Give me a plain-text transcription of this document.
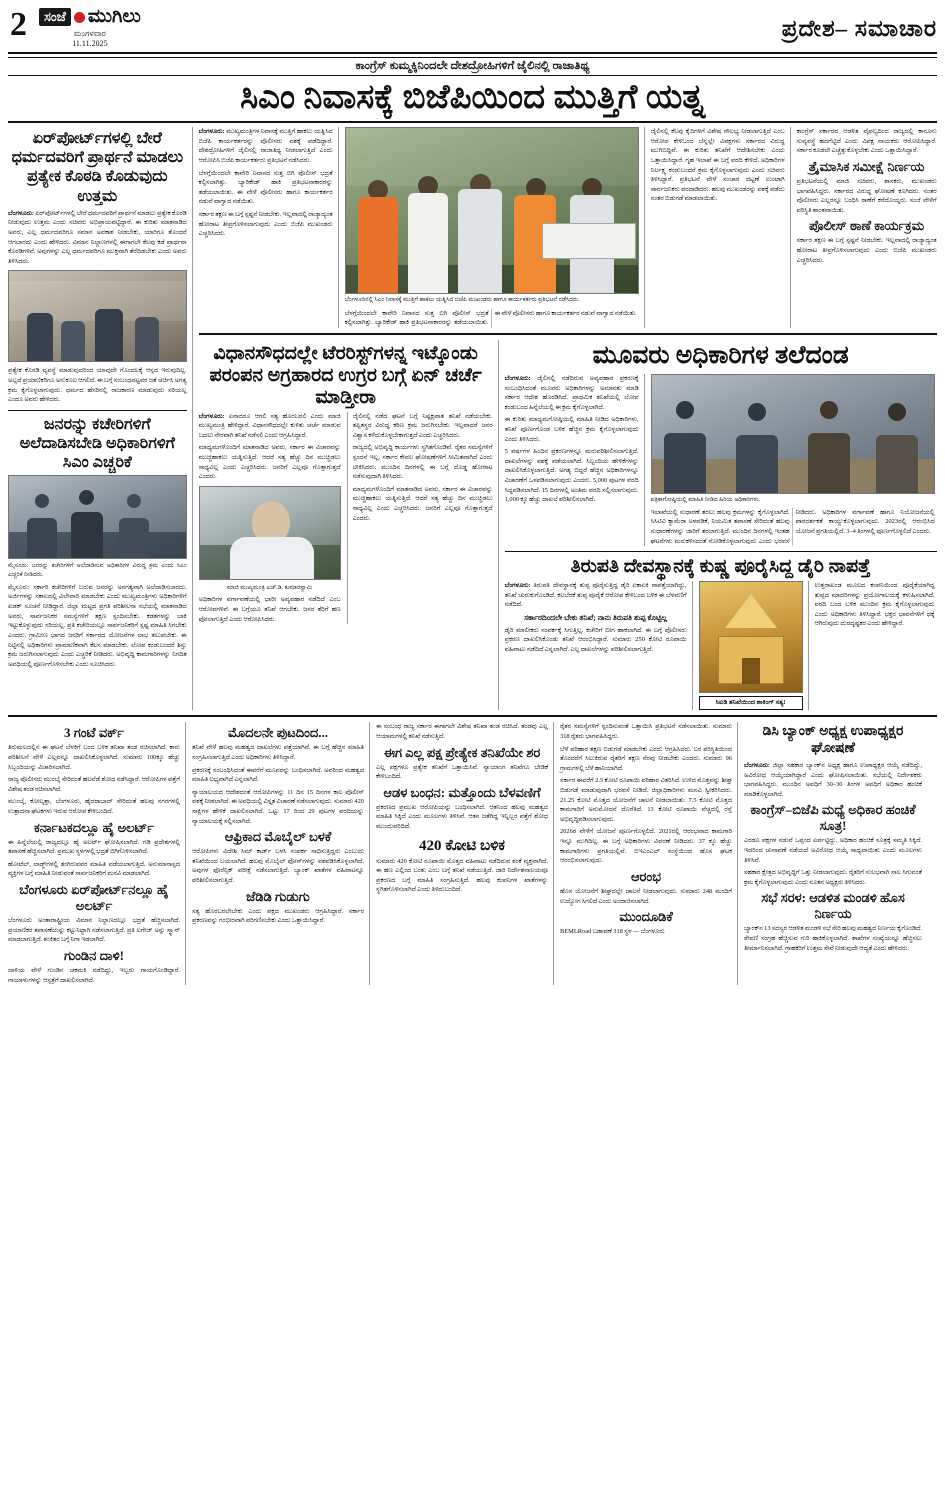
2	ಸಂಜೆ ಮುಗಿಲು
ಮಂಗಳವಾರ
11.11.2025
ಪ್ರದೇಶ– ಸಮಾಚಾರ
ಕಾಂಗ್ರೆಸ್ ಕುಮ್ಮಕ್ಕಿನಿಂದಲೇ ದೇಶದ್ರೋಹಿಗಳಿಗೆ ಜೈಲಿನಲ್ಲಿ ರಾಜಾತಿಥ್ಯ
ಸಿಎಂ ನಿವಾಸಕ್ಕೆ ಬಿಜೆಪಿಯಿಂದ ಮುತ್ತಿಗೆ ಯತ್ನ
ಏರ್‌ಪೋರ್ಟ್‌ಗಳಲ್ಲಿ ಬೇರೆ ಧರ್ಮದವರಿಗೆ ಪ್ರಾರ್ಥನೆ ಮಾಡಲು ಪ್ರತ್ಯೇಕ ಕೊಠಡಿ ಕೊಡುವುದು ಉತ್ತಮ
ಬೆಂಗಳೂರು: ಏರ್‌ಪೋರ್ಟ್‌ಗಳಲ್ಲಿ ಬೇರೆ ಧರ್ಮದವರಿಗೆ ಪ್ರಾರ್ಥನೆ ಮಾಡಲು ಪ್ರತ್ಯೇಕ ಕೊಠಡಿ ನೀಡುವುದು ಉತ್ತಮ ಎಂದು ಸಚಿವರು ಅಭಿಪ್ರಾಯಪಟ್ಟಿದ್ದಾರೆ. ಈ ಕುರಿತು ಮಾತನಾಡಿದ ಅವರು, ಎಲ್ಲ ಧರ್ಮದವರಿಗೂ ಸಮಾನ ಅವಕಾಶ ನೀಡಬೇಕು, ಯಾರಿಗೂ ತೊಂದರೆ ಆಗಬಾರದು ಎಂದು ಹೇಳಿದರು. ವಿಮಾನ ನಿಲ್ದಾಣಗಳಲ್ಲಿ ಈಗಾಗಲೇ ಕೆಲವು ಕಡೆ ಪ್ರಾರ್ಥನಾ ಕೊಠಡಿಗಳಿವೆ. ಅವುಗಳನ್ನು ಎಲ್ಲ ಧರ್ಮದವರಿಗೂ ಮುಕ್ತವಾಗಿ ತೆರೆದಿಡಬೇಕು ಎಂದು ಅವರು ತಿಳಿಸಿದರು.
ಪ್ರತ್ಯೇಕ ಕೊಠಡಿ ವ್ಯವಸ್ಥೆ ಮಾಡುವುದರಿಂದ ಯಾವುದೇ ಗೊಂದಲಕ್ಕೆ ಆಸ್ಪದ ಇರುವುದಿಲ್ಲ. ಅಲ್ಲದೆ ಪ್ರಯಾಣಿಕರಿಗೂ ಅನುಕೂಲ ಆಗಲಿದೆ. ಈ ಬಗ್ಗೆ ಸಂಬಂಧಪಟ್ಟವರ ಜತೆ ಚರ್ಚಿಸಿ ಅಗತ್ಯ ಕ್ರಮ ಕೈಗೊಳ್ಳಲಾಗುವುದು. ಧರ್ಮದ ಹೆಸರಿನಲ್ಲಿ ರಾಜಕಾರಣ ಮಾಡುವುದು ಸರಿಯಲ್ಲ ಎಂದೂ ಅವರು ಹೇಳಿದರು.
ಜನರನ್ನು ಕಚೇರಿಗಳಿಗೆ ಅಲೆದಾಡಿಸಬೇಡಿ ಅಧಿಕಾರಿಗಳಿಗೆ ಸಿಎಂ ಎಚ್ಚರಿಕೆ
ಮೈಸೂರು: ಜನರನ್ನು ಕಚೇರಿಗಳಿಗೆ ಅಲೆದಾಡಿಸುವ ಅಧಿಕಾರಿಗಳ ವಿರುದ್ಧ ಕ್ರಮ ಎಂದು ಸಿಎಂ ಎಚ್ಚರಿಕೆ ನೀಡಿದರು.
ಮೈಸೂರು: ಸರ್ಕಾರಿ ಕಚೇರಿಗಳಿಗೆ ಬರುವ ಜನರನ್ನು ಅನಗತ್ಯವಾಗಿ ಅಲೆದಾಡಿಸಬಾರದು. ಅರ್ಜಿಗಳನ್ನು ಸಕಾಲದಲ್ಲಿ ವಿಲೇವಾರಿ ಮಾಡಬೇಕು ಎಂದು ಮುಖ್ಯಮಂತ್ರಿಗಳು ಅಧಿಕಾರಿಗಳಿಗೆ ಖಡಕ್ ಸೂಚನೆ ನೀಡಿದ್ದಾರೆ. ಜಿಲ್ಲಾ ಮಟ್ಟದ ಪ್ರಗತಿ ಪರಿಶೀಲನಾ ಸಭೆಯಲ್ಲಿ ಮಾತನಾಡಿದ ಅವರು, ಸಾರ್ವಜನಿಕರ ಸಮಸ್ಯೆಗಳಿಗೆ ತಕ್ಷಣ ಸ್ಪಂದಿಸಬೇಕು. ಕಡತಗಳನ್ನು ಬಾಕಿ ಇಟ್ಟುಕೊಳ್ಳುವುದು ಸರಿಯಲ್ಲ. ಪ್ರತಿ ಕಚೇರಿಯಲ್ಲೂ ಸಾರ್ವಜನಿಕರಿಗೆ ಸ್ಪಷ್ಟ ಮಾಹಿತಿ ಸಿಗಬೇಕು ಎಂದರು. ಗ್ರಾಮೀಣ ಭಾಗದ ಜನರಿಗೆ ಸರ್ಕಾರದ ಯೋಜನೆಗಳ ಲಾಭ ತಲುಪಬೇಕು. ಈ ನಿಟ್ಟಿನಲ್ಲಿ ಅಧಿಕಾರಿಗಳು ಪ್ರಾಮಾಣಿಕವಾಗಿ ಕೆಲಸ ಮಾಡಬೇಕು. ಲೋಪ ಕಂಡುಬಂದರೆ ಶಿಸ್ತು ಕ್ರಮ ಜರುಗಿಸಲಾಗುವುದು ಎಂದು ಎಚ್ಚರಿಕೆ ನೀಡಿದರು. ಅಭಿವೃದ್ಧಿ ಕಾಮಗಾರಿಗಳನ್ನು ನಿಗದಿತ ಅವಧಿಯಲ್ಲಿ ಪೂರ್ಣಗೊಳಿಸಬೇಕು ಎಂದು ಸೂಚಿಸಿದರು.
ಬೆಂಗಳೂರು: ಮುಖ್ಯಮಂತ್ರಿಗಳ ನಿವಾಸಕ್ಕೆ ಮುತ್ತಿಗೆ ಹಾಕಲು ಯತ್ನಿಸಿದ ಬಿಜೆಪಿ ಕಾರ್ಯಕರ್ತರನ್ನು ಪೊಲೀಸರು ವಶಕ್ಕೆ ಪಡೆದಿದ್ದಾರೆ. ದೇಶದ್ರೋಹಿಗಳಿಗೆ ಜೈಲಿನಲ್ಲಿ ರಾಜಾತಿಥ್ಯ ನೀಡಲಾಗುತ್ತಿದೆ ಎಂದು ಆರೋಪಿಸಿ ಬಿಜೆಪಿ ಕಾರ್ಯಕರ್ತರು ಪ್ರತಿಭಟನೆ ನಡೆಸಿದರು.
ಬೆಳಗ್ಗೆಯಿಂದಲೇ ಕಾವೇರಿ ನಿವಾಸದ ಸುತ್ತ ಬಿಗಿ ಪೊಲೀಸ್ ಭದ್ರತೆ ಕಲ್ಪಿಸಲಾಗಿತ್ತು. ಬ್ಯಾರಿಕೇಡ್ ಹಾಕಿ ಪ್ರತಿಭಟನಾಕಾರರನ್ನು ತಡೆಯಲಾಯಿತು. ಈ ವೇಳೆ ಪೊಲೀಸರು ಹಾಗೂ ಕಾರ್ಯಕರ್ತರ ನಡುವೆ ವಾಗ್ವಾದ ನಡೆಯಿತು.
ಸರ್ಕಾರ ತಕ್ಷಣ ಈ ಬಗ್ಗೆ ಸ್ಪಷ್ಟನೆ ನೀಡಬೇಕು. ಇಲ್ಲವಾದಲ್ಲಿ ರಾಜ್ಯಾದ್ಯಂತ ಹೋರಾಟ ತೀವ್ರಗೊಳಿಸಲಾಗುವುದು ಎಂದು ಬಿಜೆಪಿ ಮುಖಂಡರು ಎಚ್ಚರಿಸಿದರು.
ಬೆಂಗಳೂರಿನಲ್ಲಿ ಸಿಎಂ ನಿವಾಸಕ್ಕೆ ಮುತ್ತಿಗೆ ಹಾಕಲು ಯತ್ನಿಸಿದ ಬಿಜೆಪಿ ಮುಖಂಡರು ಹಾಗೂ ಕಾರ್ಯಕರ್ತರು ಪ್ರತಿಭಟನೆ ನಡೆಸಿದರು.
ಬೆಳಗ್ಗೆಯಿಂದಲೇ ಕಾವೇರಿ ನಿವಾಸದ ಸುತ್ತ ಬಿಗಿ ಪೊಲೀಸ್ ಭದ್ರತೆ ಕಲ್ಪಿಸಲಾಗಿತ್ತು. ಬ್ಯಾರಿಕೇಡ್ ಹಾಕಿ ಪ್ರತಿಭಟನಾಕಾರರನ್ನು ತಡೆಯಲಾಯಿತು. ಈ ವೇಳೆ ಪೊಲೀಸರು ಹಾಗೂ ಕಾರ್ಯಕರ್ತರ ನಡುವೆ ವಾಗ್ವಾದ ನಡೆಯಿತು.
ಜೈಲಿನಲ್ಲಿ ಕೆಲವು ಕೈದಿಗಳಿಗೆ ವಿಶೇಷ ಸೌಲಭ್ಯ ನೀಡಲಾಗುತ್ತಿದೆ ಎಂಬ ಆರೋಪ ಕೇಳಿಬಂದ ಬೆನ್ನಲ್ಲೇ ವಿಪಕ್ಷಗಳು ಸರ್ಕಾರದ ವಿರುದ್ಧ ಮುಗಿಬಿದ್ದಿವೆ. ಈ ಕುರಿತು ತನಿಖೆಗೆ ಆದೇಶಿಸಬೇಕು ಎಂದು ಒತ್ತಾಯಿಸಿದ್ದಾರೆ. ಗೃಹ ಇಲಾಖೆ ಈ ಬಗ್ಗೆ ವರದಿ ಕೇಳಿದೆ. ಅಧಿಕಾರಿಗಳ ನಿರ್ಲಕ್ಷ್ಯ ಕಂಡುಬಂದರೆ ಕ್ರಮ ಕೈಗೊಳ್ಳಲಾಗುವುದು ಎಂದು ಸಚಿವರು ತಿಳಿಸಿದ್ದಾರೆ. ಪ್ರತಿಭಟನೆ ವೇಳೆ ಸಂಚಾರ ದಟ್ಟಣೆ ಉಂಟಾಗಿ ಸಾರ್ವಜನಿಕರು ಪರದಾಡಿದರು. ಹಲವು ಮುಖಂಡರನ್ನು ವಶಕ್ಕೆ ಪಡೆದು ನಂತರ ಬಿಡುಗಡೆ ಮಾಡಲಾಯಿತು.
ಕಾಂಗ್ರೆಸ್ ಸರ್ಕಾರದ ಆಡಳಿತ ವೈಫಲ್ಯದಿಂದ ರಾಜ್ಯದಲ್ಲಿ ಕಾನೂನು ಸುವ್ಯವಸ್ಥೆ ಹದಗೆಟ್ಟಿದೆ ಎಂದು ವಿಪಕ್ಷ ನಾಯಕರು ಆರೋಪಿಸಿದ್ದಾರೆ. ಸರ್ಕಾರ ಕೂಡಲೇ ಎಚ್ಚೆತ್ತುಕೊಳ್ಳಬೇಕು ಎಂದು ಒತ್ತಾಯಿಸಿದ್ದಾರೆ.
ತ್ರೈಮಾಸಿಕ ಸಮೀಕ್ಷೆ ನಿರ್ಣಯ
ಪ್ರತಿಭಟನೆಯಲ್ಲಿ ಮಾಜಿ ಸಚಿವರು, ಶಾಸಕರು, ಮುಖಂಡರು ಭಾಗವಹಿಸಿದ್ದರು. ಸರ್ಕಾರದ ವಿರುದ್ಧ ಘೋಷಣೆ ಕೂಗಿದರು. ನಂತರ ಪೊಲೀಸರು ಎಲ್ಲರನ್ನೂ ಬಂಧಿಸಿ ಠಾಣೆಗೆ ಕರೆದೊಯ್ದರು. ಸಂಜೆ ವೇಳೆಗೆ ಪರಿಸ್ಥಿತಿ ಶಾಂತವಾಯಿತು.
ಪೊಲೀಸ್ ಠಾಣೆ ಕಾರ್ಯಕ್ರಮ
ಸರ್ಕಾರ ತಕ್ಷಣ ಈ ಬಗ್ಗೆ ಸ್ಪಷ್ಟನೆ ನೀಡಬೇಕು. ಇಲ್ಲವಾದಲ್ಲಿ ರಾಜ್ಯಾದ್ಯಂತ ಹೋರಾಟ ತೀವ್ರಗೊಳಿಸಲಾಗುವುದು ಎಂದು ಬಿಜೆಪಿ ಮುಖಂಡರು ಎಚ್ಚರಿಸಿದರು.
ವಿಧಾನಸೌಧದಲ್ಲೇ ಟೆರರಿಸ್ಟ್‌ಗಳನ್ನ ಇಟ್ಕೊಂಡು ಪರಂಪನ ಅಗ್ರಹಾರದ ಉಗ್ರರ ಬಗ್ಗೆ ಏನ್ ಚರ್ಚೆ ಮಾಡ್ತೀರಾ
ಬೆಂಗಳೂರು: ಏನಾದರೂ ಆಗಲಿ ಸತ್ಯ ಹೊರಬರಲಿ ಎಂದು ಮಾಜಿ ಮುಖ್ಯಮಂತ್ರಿ ಹೇಳಿದ್ದಾರೆ. ವಿಧಾನಸೌಧದಲ್ಲೇ ಕುಳಿತು ಚರ್ಚೆ ಮಾಡುವ ಬದಲು ನೇರವಾಗಿ ತನಿಖೆ ನಡೆಸಲಿ ಎಂದು ಆಗ್ರಹಿಸಿದ್ದಾರೆ.
ಮಾಧ್ಯಮಗಳೊಂದಿಗೆ ಮಾತನಾಡಿದ ಅವರು, ಸರ್ಕಾರ ಈ ವಿಚಾರವನ್ನು ಮುಚ್ಚಿಹಾಕಲು ಯತ್ನಿಸುತ್ತಿದೆ. ಆದರೆ ಸತ್ಯ ಹೆಚ್ಚು ದಿನ ಮುಚ್ಚಿಡಲು ಸಾಧ್ಯವಿಲ್ಲ ಎಂದು ಎಚ್ಚರಿಸಿದರು. ಜನರಿಗೆ ಎಲ್ಲವೂ ಗೊತ್ತಾಗುತ್ತದೆ ಎಂದರು.
ಮಾಜಿ ಮುಖ್ಯಮಂತ್ರಿ ಎಚ್.ಡಿ. ಕುಮಾರಸ್ವಾಮಿ
ಅಧಿಕಾರಿಗಳ ವರ್ಗಾವಣೆಯಲ್ಲಿ ಭಾರೀ ಅವ್ಯವಹಾರ ನಡೆದಿದೆ ಎಂಬ ಆರೋಪಗಳಿವೆ. ಈ ಬಗ್ಗೆಯೂ ತನಿಖೆ ಆಗಬೇಕು. ಜನರ ತೆರಿಗೆ ಹಣ ಪೋಲಾಗುತ್ತಿದೆ ಎಂದು ಆರೋಪಿಸಿದರು.
ಜೈಲಿನಲ್ಲಿ ನಡೆದ ಘಟನೆ ಬಗ್ಗೆ ನಿಷ್ಪಕ್ಷಪಾತ ತನಿಖೆ ನಡೆಯಬೇಕು. ತಪ್ಪಿತಸ್ಥರ ವಿರುದ್ಧ ಕಠಿಣ ಕ್ರಮ ಜರುಗಿಸಬೇಕು. ಇಲ್ಲವಾದರೆ ಜನರ ವಿಶ್ವಾಸ ಕಳೆದುಕೊಳ್ಳಬೇಕಾಗುತ್ತದೆ ಎಂದು ಎಚ್ಚರಿಸಿದರು.
ರಾಜ್ಯದಲ್ಲಿ ಅಭಿವೃದ್ಧಿ ಕಾರ್ಯಗಳು ಸ್ಥಗಿತಗೊಂಡಿವೆ. ರೈತರ ಸಮಸ್ಯೆಗಳಿಗೆ ಸ್ಪಂದನೆ ಇಲ್ಲ. ಸರ್ಕಾರ ಕೇವಲ ಘೋಷಣೆಗಳಿಗೆ ಸೀಮಿತವಾಗಿದೆ ಎಂದು ಟೀಕಿಸಿದರು. ಮುಂದಿನ ದಿನಗಳಲ್ಲಿ ಈ ಬಗ್ಗೆ ದೊಡ್ಡ ಹೋರಾಟ ನಡೆಸುವುದಾಗಿ ತಿಳಿಸಿದರು.
ಮಾಧ್ಯಮಗಳೊಂದಿಗೆ ಮಾತನಾಡಿದ ಅವರು, ಸರ್ಕಾರ ಈ ವಿಚಾರವನ್ನು ಮುಚ್ಚಿಹಾಕಲು ಯತ್ನಿಸುತ್ತಿದೆ. ಆದರೆ ಸತ್ಯ ಹೆಚ್ಚು ದಿನ ಮುಚ್ಚಿಡಲು ಸಾಧ್ಯವಿಲ್ಲ ಎಂದು ಎಚ್ಚರಿಸಿದರು. ಜನರಿಗೆ ಎಲ್ಲವೂ ಗೊತ್ತಾಗುತ್ತದೆ ಎಂದರು.
ಮೂವರು ಅಧಿಕಾರಿಗಳ ತಲೆದಂಡ
ಬೆಂಗಳೂರು: ಜೈಲಿನಲ್ಲಿ ನಡೆದಿರುವ ಅವ್ಯವಹಾರ ಪ್ರಕರಣಕ್ಕೆ ಸಂಬಂಧಿಸಿದಂತೆ ಮೂವರು ಅಧಿಕಾರಿಗಳನ್ನು ಅಮಾನತು ಮಾಡಿ ಸರ್ಕಾರ ಆದೇಶ ಹೊರಡಿಸಿದೆ. ಪ್ರಾಥಮಿಕ ತನಿಖೆಯಲ್ಲಿ ಲೋಪ ಕಂಡುಬಂದ ಹಿನ್ನೆಲೆಯಲ್ಲಿ ಈ ಕ್ರಮ ಕೈಗೊಳ್ಳಲಾಗಿದೆ.
ಈ ಕುರಿತು ಮಾಧ್ಯಮಗೋಷ್ಠಿಯಲ್ಲಿ ಮಾಹಿತಿ ನೀಡಿದ ಅಧಿಕಾರಿಗಳು, ತನಿಖೆ ಪೂರ್ಣಗೊಂಡ ಬಳಿಕ ಹೆಚ್ಚಿನ ಕ್ರಮ ಕೈಗೊಳ್ಳಲಾಗುವುದು ಎಂದು ತಿಳಿಸಿದರು.
5 ವರ್ಷಗಳ ಹಿಂದಿನ ಪ್ರಕರಣಗಳನ್ನೂ ಮರುಪರಿಶೀಲಿಸಲಾಗುತ್ತಿದೆ. ದಾಖಲೆಗಳನ್ನು ವಶಕ್ಕೆ ಪಡೆಯಲಾಗಿದೆ. ಸಿಬ್ಬಂದಿಯ ಹೇಳಿಕೆಗಳನ್ನು ದಾಖಲಿಸಿಕೊಳ್ಳಲಾಗುತ್ತಿದೆ. ಅಗತ್ಯ ಬಿದ್ದರೆ ಹೆಚ್ಚಿನ ಅಧಿಕಾರಿಗಳನ್ನೂ ವಿಚಾರಣೆಗೆ ಒಳಪಡಿಸಲಾಗುವುದು ಎಂದರು. 5,000 ಪುಟಗಳ ವರದಿ ಸಿದ್ಧಪಡಿಸಲಾಗಿದೆ. 15 ದಿನಗಳಲ್ಲಿ ಅಂತಿಮ ವರದಿ ಸಲ್ಲಿಸಲಾಗುವುದು. 1,000 ಕ್ಕೂ ಹೆಚ್ಚು ದಾಖಲೆ ಪರಿಶೀಲಿಸಲಾಗಿದೆ.	ಪತ್ರಿಕಾಗೋಷ್ಠಿಯಲ್ಲಿ ಮಾಹಿತಿ ನೀಡಿದ ಹಿರಿಯ ಅಧಿಕಾರಿಗಳು.
ಇಲಾಖೆಯಲ್ಲಿ ಸುಧಾರಣೆ ತರಲು ಹಲವು ಕ್ರಮಗಳನ್ನು ಕೈಗೊಳ್ಳಲಾಗಿದೆ. ಸಿಸಿಟಿವಿ ಕ್ಯಾಮೆರಾ ಅಳವಡಿಕೆ, ನಿಯಮಿತ ತಪಾಸಣೆ ಸೇರಿದಂತೆ ಹಲವು ಸುಧಾರಣೆಗಳನ್ನು ಜಾರಿಗೆ ತರಲಾಗುತ್ತಿದೆ. ಮುಂದಿನ ದಿನಗಳಲ್ಲಿ ಇಂತಹ ಘಟನೆಗಳು ಮರುಕಳಿಸದಂತೆ ನೋಡಿಕೊಳ್ಳಲಾಗುವುದು ಎಂದು ಭರವಸೆ ನೀಡಿದರು. ಅಧಿಕಾರಿಗಳ ವರ್ಗಾವಣೆ ಹಾಗೂ ನಿಯೋಜನೆಯಲ್ಲಿ ಪಾರದರ್ಶಕತೆ ಕಾಯ್ದುಕೊಳ್ಳಲಾಗುವುದು. 2023ರಲ್ಲಿ ಆರಂಭಿಸಿದ ಯೋಜನೆ ಪ್ರಗತಿಯಲ್ಲಿದೆ. 3–4 ತಿಂಗಳಲ್ಲಿ ಪೂರ್ಣಗೊಳ್ಳಲಿದೆ ಎಂದರು.
ತಿರುಪತಿ ದೇವಸ್ಥಾನಕ್ಕೆ ಕುಷ್ಣ ಪೂರೈಸಿದ್ದ ಡೈರಿ ನಾಪತ್ತೆ
ಬೆಂಗಳೂರು: ತಿರುಪತಿ ದೇವಸ್ಥಾನಕ್ಕೆ ತುಪ್ಪ ಪೂರೈಸುತ್ತಿದ್ದ ಡೈರಿ ಏಕಾಏಕಿ ನಾಪತ್ತೆಯಾಗಿದ್ದು, ತನಿಖೆ ಚುರುಕುಗೊಂಡಿದೆ. ಕಲಬೆರಕೆ ತುಪ್ಪ ಪೂರೈಕೆ ಆರೋಪ ಕೇಳಿಬಂದ ಬಳಿಕ ಈ ಬೆಳವಣಿಗೆ ನಡೆದಿದೆ.
ಸರ್ಕಾರದಿಂದಲೇ ಬೇಕು ತನಿಖೆ; ನಾನು ತಿರುಪತಿ ತುಪ್ಪ ಕೊಟ್ಟಿಲ್ಲ
ಡೈರಿ ಮಾಲೀಕರು ಸಂಪರ್ಕಕ್ಕೆ ಸಿಗುತ್ತಿಲ್ಲ. ಕಚೇರಿಗೆ ಬೀಗ ಹಾಕಲಾಗಿದೆ. ಈ ಬಗ್ಗೆ ಪೊಲೀಸರು ಪ್ರಕರಣ ದಾಖಲಿಸಿಕೊಂಡು ತನಿಖೆ ಆರಂಭಿಸಿದ್ದಾರೆ. ಸುಮಾರು 250 ಕೋಟಿ ರೂಪಾಯಿ ವಹಿವಾಟು ನಡೆದಿದೆ ಎನ್ನಲಾಗಿದೆ. ಎಲ್ಲ ದಾಖಲೆಗಳನ್ನು ಪರಿಶೀಲಿಸಲಾಗುತ್ತಿದೆ.
ಸಿಐಡಿ ತನಿಖೆಯಿಂದ ಶಾಕಿಂಗ್ ಸತ್ಯ!
ಉತ್ತರಾಖಂಡ ಮೂಲದ ಕಂಪನಿಯಿಂದ ಪೂರೈಕೆಯಾಗಿದ್ದ ತುಪ್ಪದ ಮಾದರಿಗಳನ್ನು ಪ್ರಯೋಗಾಲಯಕ್ಕೆ ಕಳುಹಿಸಲಾಗಿದೆ. ವರದಿ ಬಂದ ಬಳಿಕ ಮುಂದಿನ ಕ್ರಮ ಕೈಗೊಳ್ಳಲಾಗುವುದು ಎಂದು ಅಧಿಕಾರಿಗಳು ತಿಳಿಸಿದ್ದಾರೆ. ಭಕ್ತರ ಭಾವನೆಗಳಿಗೆ ಧಕ್ಕೆ ಆಗಿರುವುದು ದುರದೃಷ್ಟಕರ ಎಂದು ಹೇಳಿದ್ದಾರೆ.
3 ಗಂಟೆ ವರ್ಕ್
ತಿರುಮಲದಲ್ಲಿನ ಈ ಘಟನೆ ಬೆಳಕಿಗೆ ಬಂದ ಬಳಿಕ ತನಿಖಾ ತಂಡ ರಚಿಸಲಾಗಿದೆ. ಕಾರು ಪರಿಶೀಲನೆ ವೇಳೆ ಎಲ್ಲವನ್ನೂ ದಾಖಲಿಸಿಕೊಳ್ಳಲಾಗಿದೆ. ಸುಮಾರು 100ಕ್ಕೂ ಹೆಚ್ಚು ಸಿಬ್ಬಂದಿಯನ್ನು ವಿಚಾರಿಸಲಾಗಿದೆ.
ರಾಜ್ಯ ಪೊಲೀಸರು ಮುಂಬೈ ಸೇರಿದಂತೆ ಹಲವೆಡೆ ಶೋಧ ನಡೆಸಿದ್ದಾರೆ. ಆರೋಪಿಗಳ ಪತ್ತೆಗೆ ವಿಶೇಷ ತಂಡ ರಚಿಸಲಾಗಿದೆ.
ಮುಂಬೈ, ಕೋಲ್ಕತ್ತಾ, ಬೆಂಗಳೂರು, ಹೈದರಾಬಾದ್ ಸೇರಿದಂತೆ ಹಲವು ನಗರಗಳಲ್ಲಿ ಉತ್ಪಾದನಾ ಘಟಕಗಳು ಇರುವ ಆರೋಪ ಕೇಳಿಬಂದಿದೆ.
ಕರ್ನಾಟಕದಲ್ಲೂ ಹೈ ಅಲರ್ಟ್
ಈ ಹಿನ್ನೆಲೆಯಲ್ಲಿ ರಾಜ್ಯದಲ್ಲೂ ಹೈ ಅಲರ್ಟ್ ಘೋಷಿಸಲಾಗಿದೆ. ಗಡಿ ಪ್ರದೇಶಗಳಲ್ಲಿ ತಪಾಸಣೆ ಹೆಚ್ಚಿಸಲಾಗಿದೆ. ಪ್ರಮುಖ ಸ್ಥಳಗಳಲ್ಲಿ ಭದ್ರತೆ ಬಿಗಿಗೊಳಿಸಲಾಗಿದೆ.
ಹೋಟೆಲ್, ಲಾಡ್ಜ್‌ಗಳಲ್ಲಿ ತಂಗಿರುವವರ ಮಾಹಿತಿ ಪಡೆಯಲಾಗುತ್ತಿದೆ. ಅನುಮಾನಾಸ್ಪದ ವ್ಯಕ್ತಿಗಳ ಬಗ್ಗೆ ಮಾಹಿತಿ ನೀಡುವಂತೆ ಸಾರ್ವಜನಿಕರಿಗೆ ಮನವಿ ಮಾಡಲಾಗಿದೆ.
ಬೆಂಗಳೂರು ಏರ್‌ಪೋರ್ಟ್‌ನಲ್ಲೂ ಹೈ ಅಲರ್ಟ್
ಬೆಂಗಳೂರು ಅಂತಾರಾಷ್ಟ್ರೀಯ ವಿಮಾನ ನಿಲ್ದಾಣದಲ್ಲೂ ಭದ್ರತೆ ಹೆಚ್ಚಿಸಲಾಗಿದೆ. ಪ್ರಯಾಣಿಕರ ತಪಾಸಣೆಯನ್ನು ಕಟ್ಟುನಿಟ್ಟಾಗಿ ನಡೆಸಲಾಗುತ್ತಿದೆ. ಪ್ರತಿ ಲಗೇಜ್ ಅನ್ನು ಸ್ಕ್ಯಾನ್ ಮಾಡಲಾಗುತ್ತಿದೆ. ಶಂಕಿತರ ಬಗ್ಗೆ ನಿಗಾ ಇಡಲಾಗಿದೆ.
ಗುಂಡಿನ ದಾಳಿ!
ದಾಳಿಯ ವೇಳೆ ಗುಂಡಿನ ಚಕಮಕಿ ನಡೆದಿದ್ದು, ಇಬ್ಬರು ಗಾಯಗೊಂಡಿದ್ದಾರೆ. ಗಾಯಾಳುಗಳನ್ನು ಆಸ್ಪತ್ರೆಗೆ ದಾಖಲಿಸಲಾಗಿದೆ.
ಮೊದಲನೇ ಪುಟದಿಂದ...
ತನಿಖೆ ವೇಳೆ ಹಲವು ಮಹತ್ವದ ದಾಖಲೆಗಳು ಪತ್ತೆಯಾಗಿವೆ. ಈ ಬಗ್ಗೆ ಹೆಚ್ಚಿನ ಮಾಹಿತಿ ಸಂಗ್ರಹಿಸಲಾಗುತ್ತಿದೆ ಎಂದು ಅಧಿಕಾರಿಗಳು ತಿಳಿಸಿದ್ದಾರೆ.
ಪ್ರಕರಣಕ್ಕೆ ಸಂಬಂಧಿಸಿದಂತೆ ಈವರೆಗೆ ಮೂವರನ್ನು ಬಂಧಿಸಲಾಗಿದೆ. ಅವರಿಂದ ಮಹತ್ವದ ಮಾಹಿತಿ ಲಭ್ಯವಾಗಿದೆ ಎನ್ನಲಾಗಿದೆ.
ನ್ಯಾಯಾಲಯದ ಆದೇಶದಂತೆ ಆರೋಪಿಗಳನ್ನು 11 ದಿನ 15 ದಿನಗಳ ಕಾಲ ಪೊಲೀಸ್ ವಶಕ್ಕೆ ನೀಡಲಾಗಿದೆ. ಈ ಅವಧಿಯಲ್ಲಿ ವಿಸ್ತೃತ ವಿಚಾರಣೆ ನಡೆಸಲಾಗುವುದು. ಸುಮಾರು 420 ಸಾಕ್ಷಿಗಳ ಹೇಳಿಕೆ ದಾಖಲಿಸಲಾಗಿದೆ. ಒಟ್ಟು 17 ರಿಂದ 29 ಪುಟಗಳ ವರದಿಯನ್ನು ನ್ಯಾಯಾಲಯಕ್ಕೆ ಸಲ್ಲಿಸಲಾಗಿದೆ.
ಆಫ್ರಿಕಾದ ಮೊಬೈಲ್ ಬಳಕೆ
ಆರೋಪಿಗಳು ವಿದೇಶಿ ಸಿಮ್ ಕಾರ್ಡ್ ಬಳಸಿ ಸಂಪರ್ಕ ಸಾಧಿಸುತ್ತಿದ್ದರು ಎಂಬುದು ತನಿಖೆಯಿಂದ ಬಯಲಾಗಿದೆ. ಹಲವು ಮೊಬೈಲ್ ಫೋನ್‌ಗಳನ್ನು ವಶಪಡಿಸಿಕೊಳ್ಳಲಾಗಿದೆ. ಅವುಗಳ ಫೊರೆನ್ಸಿಕ್ ಪರೀಕ್ಷೆ ನಡೆಸಲಾಗುತ್ತಿದೆ. ಬ್ಯಾಂಕ್ ಖಾತೆಗಳ ವಹಿವಾಟನ್ನೂ ಪರಿಶೀಲಿಸಲಾಗುತ್ತಿದೆ.
ಜೆಡಿಡಿ ಗುಡುಗು
ಸತ್ಯ ಹೊರಬರಲೇಬೇಕು ಎಂದು ಪಕ್ಷದ ಮುಖಂಡರು ಆಗ್ರಹಿಸಿದ್ದಾರೆ. ಸರ್ಕಾರ ಪ್ರಕರಣವನ್ನು ಗಂಭೀರವಾಗಿ ಪರಿಗಣಿಸಬೇಕು ಎಂದು ಒತ್ತಾಯಿಸಿದ್ದಾರೆ.
ಈ ಸಂಬಂಧ ರಾಜ್ಯ ಸರ್ಕಾರ ಈಗಾಗಲೇ ವಿಶೇಷ ತನಿಖಾ ತಂಡ ರಚಿಸಿದೆ. ತಂಡವು ಎಲ್ಲ ಆಯಾಮಗಳಲ್ಲಿ ತನಿಖೆ ನಡೆಸುತ್ತಿದೆ.
ಈಗ ಎಲ್ಲ ಪಕ್ಷ ಪ್ರೇತ್ಯೇಕ ತನಿಖೆಯೇ ಶರ
ಎಲ್ಲ ಪಕ್ಷಗಳೂ ಪ್ರತ್ಯೇಕ ತನಿಖೆಗೆ ಒತ್ತಾಯಿಸಿವೆ. ನ್ಯಾಯಾಂಗ ತನಿಖೆಗೂ ಬೇಡಿಕೆ ಕೇಳಿಬಂದಿದೆ.
ಆಡಳ ಬಂಧನ: ಮತ್ತೊಂದು ಬೆಳವಣಿಗೆ
ಪ್ರಕರಣದ ಪ್ರಮುಖ ಆರೋಪಿಯನ್ನು ಬಂಧಿಸಲಾಗಿದೆ. ಆತನಿಂದ ಹಲವು ಮಹತ್ವದ ಮಾಹಿತಿ ಸಿಕ್ಕಿದೆ ಎಂದು ಮೂಲಗಳು ತಿಳಿಸಿವೆ. ಆತನ ಜತೆಗಿದ್ದ ಇನ್ನಿಬ್ಬರ ಪತ್ತೆಗೆ ಶೋಧ ಮುಂದುವರಿದಿದೆ.
420 ಕೋಟಿ ಬಳಿಕ
ಸುಮಾರು 420 ಕೋಟಿ ರೂಪಾಯಿ ಮೊತ್ತದ ವಹಿವಾಟು ನಡೆದಿರುವ ಶಂಕೆ ವ್ಯಕ್ತವಾಗಿದೆ. ಈ ಹಣ ಎಲ್ಲಿಂದ ಬಂತು ಎಂಬ ಬಗ್ಗೆ ತನಿಖೆ ನಡೆಯುತ್ತಿದೆ. ಜಾರಿ ನಿರ್ದೇಶನಾಲಯವೂ ಪ್ರಕರಣದ ಬಗ್ಗೆ ಮಾಹಿತಿ ಸಂಗ್ರಹಿಸುತ್ತಿದೆ. ಹಲವು ಕಂಪನಿಗಳ ಖಾತೆಗಳನ್ನು ಸ್ಥಗಿತಗೊಳಿಸಲಾಗಿದೆ ಎಂದು ತಿಳಿದುಬಂದಿದೆ.
ರೈತರ ಸಮಸ್ಯೆಗಳಿಗೆ ಸ್ಪಂದಿಸುವಂತೆ ಒತ್ತಾಯಿಸಿ ಪ್ರತಿಭಟನೆ ನಡೆಸಲಾಯಿತು. ಸುಮಾರು 318 ರೈತರು ಭಾಗವಹಿಸಿದ್ದರು.
ಬೆಳೆ ಪರಿಹಾರ ತಕ್ಷಣ ಬಿಡುಗಡೆ ಮಾಡಬೇಕು ಎಂದು ಆಗ್ರಹಿಸಿದರು. ಬರ ಪರಿಸ್ಥಿತಿಯಿಂದ ತೊಂದರೆಗೆ ಸಿಲುಕಿರುವ ರೈತರಿಗೆ ತಕ್ಷಣ ನೆರವು ನೀಡಬೇಕು ಎಂದರು. ಸುಮಾರು 96 ಗ್ರಾಮಗಳಲ್ಲಿ ಬೆಳೆ ಹಾನಿಯಾಗಿದೆ.
ಸರ್ಕಾರ ಈವರೆಗೆ 2.5 ಕೋಟಿ ರೂಪಾಯಿ ಪರಿಹಾರ ವಿತರಿಸಿದೆ. ಉಳಿದ ಮೊತ್ತವನ್ನು ಶೀಘ್ರ ಬಿಡುಗಡೆ ಮಾಡುವುದಾಗಿ ಭರವಸೆ ನೀಡಿದೆ. ಜಿಲ್ಲಾಧಿಕಾರಿಗಳು ಮನವಿ ಸ್ವೀಕರಿಸಿದರು. 21.25 ಕೋಟಿ ಮೊತ್ತದ ಯೋಜನೆಗೆ ಚಾಲನೆ ನೀಡಲಾಯಿತು. 7.5 ಕೋಟಿ ಮೊತ್ತದ ಕಾಮಗಾರಿಗೆ ಅನುಮೋದನೆ ದೊರೆತಿದೆ. 13 ಕೋಟಿ ರೂಪಾಯಿ ವೆಚ್ಚದಲ್ಲಿ ರಸ್ತೆ ಅಭಿವೃದ್ಧಿಪಡಿಸಲಾಗುವುದು.
2026ರ ವೇಳೆಗೆ ಯೋಜನೆ ಪೂರ್ಣಗೊಳ್ಳಲಿದೆ. 2021ರಲ್ಲಿ ಆರಂಭವಾದ ಕಾಮಗಾರಿ ಇನ್ನೂ ಮುಗಿದಿಲ್ಲ. ಈ ಬಗ್ಗೆ ಅಧಿಕಾರಿಗಳು ವಿವರಣೆ ನೀಡಿದರು. 37 ಕ್ಕೂ ಹೆಚ್ಚು ಕಾಮಗಾರಿಗಳು ಪ್ರಗತಿಯಲ್ಲಿವೆ. ಬಿಇಎಂಎಲ್ ಸಂಸ್ಥೆಯಿಂದ ಹೊಸ ಘಟಕ ಆರಂಭಿಸಲಾಗುವುದು.
ಆರಂಭ
ಹೊಸ ಯೋಜನೆಗೆ ಶೀಘ್ರದಲ್ಲೇ ಚಾಲನೆ ನೀಡಲಾಗುವುದು. ಸುಮಾರು 248 ಮಂದಿಗೆ ಉದ್ಯೋಗ ಸಿಗಲಿದೆ ಎಂದು ಅಂದಾಜಿಸಲಾಗಿದೆ.
ಮುಂದೂಡಿಕೆ
BEMLRoad ಬಡಾವಣೆ 318 ಸ್ಥಳ — ಬೆಂಗಳೂರು
ಡಿಸಿ ಬ್ಯಾಂಕ್ ಅಧ್ಯಕ್ಷ ಉಪಾಧ್ಯಕ್ಷರ ಘೋಷಣೆ
ಬೆಂಗಳೂರು: ಜಿಲ್ಲಾ ಸಹಕಾರ ಬ್ಯಾಂಕ್‌ನ ಅಧ್ಯಕ್ಷ ಹಾಗೂ ಉಪಾಧ್ಯಕ್ಷರ ಆಯ್ಕೆ ನಡೆದಿದ್ದು, ಅವಿರೋಧ ಆಯ್ಕೆಯಾಗಿದ್ದಾರೆ ಎಂದು ಘೋಷಿಸಲಾಯಿತು. ಸಭೆಯಲ್ಲಿ ನಿರ್ದೇಶಕರು ಭಾಗವಹಿಸಿದ್ದರು. ಮುಂದಿನ ಅವಧಿಗೆ 30–30 ತಿಂಗಳ ಅವಧಿಗೆ ಅಧಿಕಾರ ಹಂಚಿಕೆ ಮಾಡಿಕೊಳ್ಳಲಾಗಿದೆ.
ಕಾಂಗ್ರೆಸ್‌–ಬಿಜೆಪಿ ಮಧ್ಯೆ ಅಧಿಕಾರ ಹಂಚಿಕೆ ಸೂತ್ರ!
ಎರಡೂ ಪಕ್ಷಗಳ ನಡುವೆ ಒಪ್ಪಂದ ಏರ್ಪಟ್ಟಿದ್ದು, ಅಧಿಕಾರ ಹಂಚಿಕೆ ಸೂತ್ರಕ್ಕೆ ಸಮ್ಮತಿ ಸಿಕ್ಕಿದೆ. ಇದರಿಂದ ಚುನಾವಣೆ ನಡೆಯದೆ ಅವಿರೋಧ ಆಯ್ಕೆ ಸಾಧ್ಯವಾಯಿತು ಎಂದು ಮೂಲಗಳು ತಿಳಿಸಿವೆ.
ಸಹಕಾರ ಕ್ಷೇತ್ರದ ಅಭಿವೃದ್ಧಿಗೆ ಒತ್ತು ನೀಡಲಾಗುವುದು. ರೈತರಿಗೆ ಸುಲಭವಾಗಿ ಸಾಲ ಸಿಗುವಂತೆ ಕ್ರಮ ಕೈಗೊಳ್ಳಲಾಗುವುದು ಎಂದು ನೂತನ ಅಧ್ಯಕ್ಷರು ತಿಳಿಸಿದರು.
ಸಭೆ ಸರಳ: ಆಡಳಿತ ಮಂಡಳಿ ಹೊಸ ನಿರ್ಣಯ
ಬ್ಯಾಂಕ್‌ನ 13 ಸದಸ್ಯರ ಆಡಳಿತ ಮಂಡಳಿ ಸಭೆ ಸೇರಿ ಹಲವು ಮಹತ್ವದ ನಿರ್ಣಯ ಕೈಗೊಂಡಿದೆ. ಠೇವಣಿ ಸಂಗ್ರಹ ಹೆಚ್ಚಿಸುವ ಗುರಿ ಹಾಕಿಕೊಳ್ಳಲಾಗಿದೆ. ಶಾಖೆಗಳ ಸಂಖ್ಯೆಯನ್ನೂ ಹೆಚ್ಚಿಸಲು ತೀರ್ಮಾನಿಸಲಾಗಿದೆ. ಗ್ರಾಹಕರಿಗೆ ಉತ್ತಮ ಸೇವೆ ನೀಡುವುದೇ ಆದ್ಯತೆ ಎಂದು ಹೇಳಿದರು.
